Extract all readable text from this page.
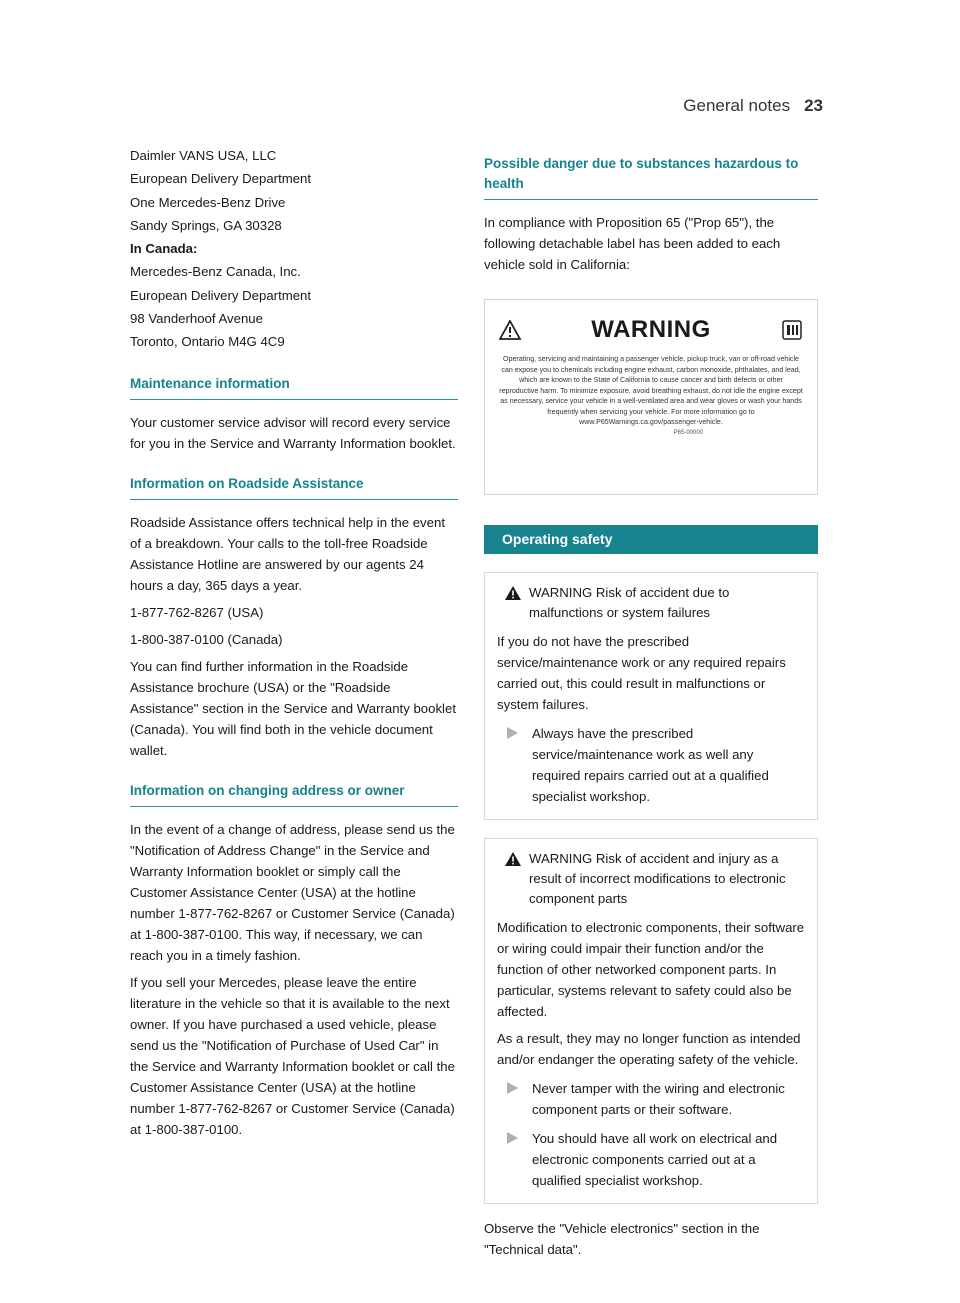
General notes 23

Daimler VANS USA, LLC

European Delivery Department

One Mercedes-Benz Drive

Sandy Springs, GA 30328

In Canada:

Mercedes-Benz Canada, Inc.

European Delivery Department

98 Vanderhoof Avenue

Toronto, Ontario M4G 4C9

Maintenance information

Your customer service advisor will record every service for you in the Service and Warranty Information booklet.

Information on Roadside Assistance

Roadside Assistance offers technical help in the event of a breakdown. Your calls to the toll-free Roadside Assistance Hotline are answered by our agents 24 hours a day, 365 days a year.

1-877-762-8267 (USA)

1-800-387-0100 (Canada)

You can find further information in the Roadside Assistance brochure (USA) or the "Roadside Assistance" section in the Service and Warranty booklet (Canada). You will find both in the vehicle document wallet.

Information on changing address or owner

In the event of a change of address, please send us the "Notification of Address Change" in the Service and Warranty Information booklet or simply call the Customer Assistance Center (USA) at the hotline number 1-877-762-8267 or Customer Service (Canada) at 1-800-387-0100. This way, if necessary, we can reach you in a timely fashion.

If you sell your Mercedes, please leave the entire literature in the vehicle so that it is available to the next owner. If you have purchased a used vehicle, please send us the "Notification of Purchase of Used Car" in the Service and Warranty Information booklet or call the Customer Assistance Center (USA) at the hotline number 1-877-762-8267 or Customer Service (Canada) at 1-800-387-0100.

Possible danger due to substances hazardous to health

In compliance with Proposition 65 ("Prop 65"), the following detachable label has been added to each vehicle sold in California:

WARNING
Operating, servicing and maintaining a passenger vehicle, pickup truck, van or off-road vehicle can expose you to chemicals including engine exhaust, carbon monoxide, phthalates, and lead, which are known to the State of California to cause cancer and birth defects or other reproductive harm. To minimize exposure, avoid breathing exhaust, do not idle the engine except as necessary, service your vehicle in a well-ventilated area and wear gloves or wash your hands frequently when servicing your vehicle. For more information go to www.P65Warnings.ca.gov/passenger-vehicle.
P65-00000
Operating safety
WARNING Risk of accident due to malfunctions or system failures

If you do not have the prescribed service/maintenance work or any required repairs carried out, this could result in malfunctions or system failures.

Always have the prescribed service/maintenance work as well any required repairs carried out at a qualified specialist workshop.

WARNING Risk of accident and injury as a result of incorrect modifications to electronic component parts

Modification to electronic components, their software or wiring could impair their function and/or the function of other networked component parts. In particular, systems relevant to safety could also be affected.

As a result, they may no longer function as intended and/or endanger the operating safety of the vehicle.

Never tamper with the wiring and electronic component parts or their software.

You should have all work on electrical and electronic components carried out at a qualified specialist workshop.

Observe the "Vehicle electronics" section in the "Technical data".
